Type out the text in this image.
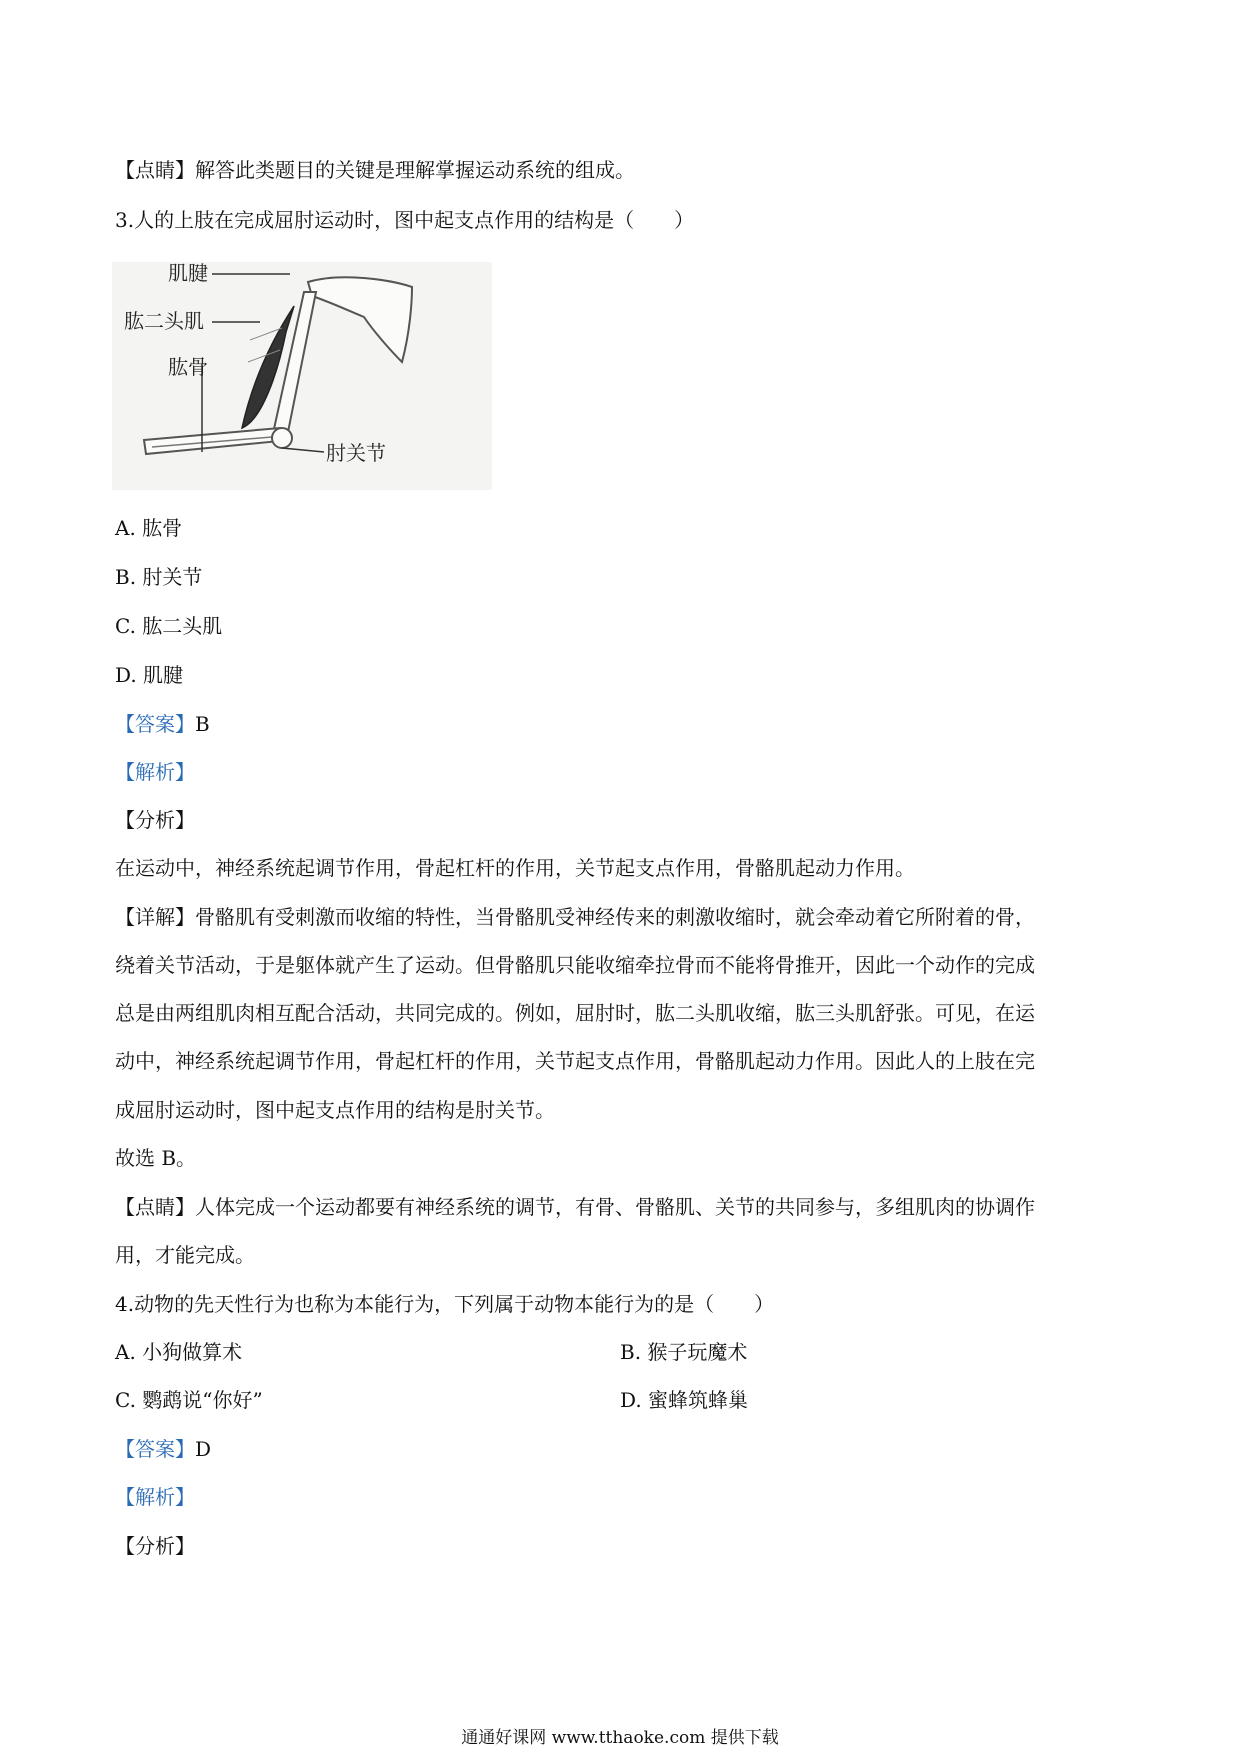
【点睛】解答此类题目的关键是理解掌握运动系统的组成。
3.人的上肢在完成屈肘运动时，图中起支点作用的结构是（　　）
肌腱
肱二头肌
肱骨
肘关节
A. 肱骨
B. 肘关节
C. 肱二头肌
D. 肌腱
【答案】B
【解析】
【分析】
在运动中，神经系统起调节作用，骨起杠杆的作用，关节起支点作用，骨骼肌起动力作用。
【详解】骨骼肌有受刺激而收缩的特性，当骨骼肌受神经传来的刺激收缩时，就会牵动着它所附着的骨，
绕着关节活动，于是躯体就产生了运动。但骨骼肌只能收缩牵拉骨而不能将骨推开，因此一个动作的完成
总是由两组肌肉相互配合活动，共同完成的。例如，屈肘时，肱二头肌收缩，肱三头肌舒张。可见，在运
动中，神经系统起调节作用，骨起杠杆的作用，关节起支点作用，骨骼肌起动力作用。因此人的上肢在完
成屈肘运动时，图中起支点作用的结构是肘关节。
故选 B。
【点睛】人体完成一个运动都要有神经系统的调节，有骨、骨骼肌、关节的共同参与，多组肌肉的协调作
用，才能完成。
4.动物的先天性行为也称为本能行为，下列属于动物本能行为的是（　　）
A. 小狗做算术	B. 猴子玩魔术
C. 鹦鹉说“你好”	D. 蜜蜂筑蜂巢
【答案】D
【解析】
【分析】
通通好课网 www.tthaoke.com 提供下载
